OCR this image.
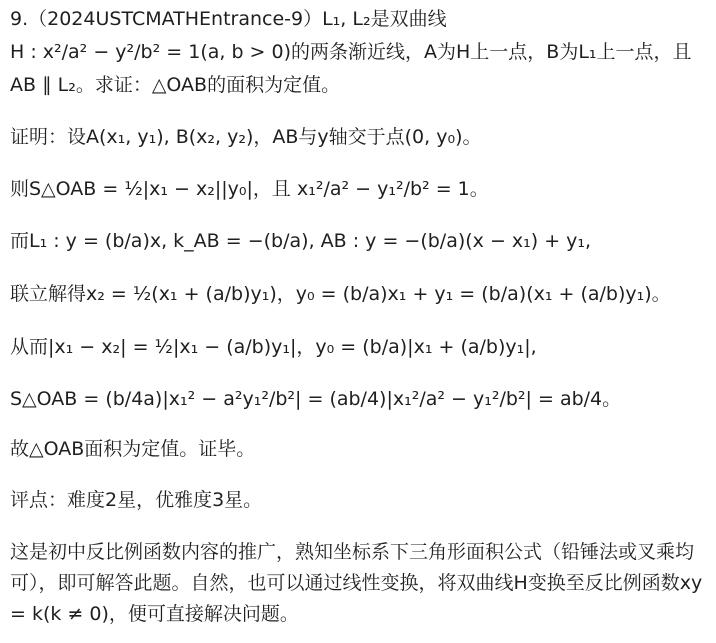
9.（2024USTCMATHEntrance-9）L₁, L₂是双曲线
H : x²/a² − y²/b² = 1(a, b > 0)的两条渐近线，A为H上一点，B为L₁上一点，且
AB ∥ L₂。求证：△OAB的面积为定值。
证明：设A(x₁, y₁), B(x₂, y₂)，AB与y轴交于点(0, y₀)。
则S△OAB = ½|x₁ − x₂||y₀|，且 x₁²/a² − y₁²/b² = 1。
而L₁ : y = (b/a)x, k_AB = −(b/a), AB : y = −(b/a)(x − x₁) + y₁,
联立解得x₂ = ½(x₁ + (a/b)y₁)，y₀ = (b/a)x₁ + y₁ = (b/a)(x₁ + (a/b)y₁)。
从而|x₁ − x₂| = ½|x₁ − (a/b)y₁|，y₀ = (b/a)|x₁ + (a/b)y₁|,
S△OAB = (b/4a)|x₁² − a²y₁²/b²| = (ab/4)|x₁²/a² − y₁²/b²| = ab/4。
故△OAB面积为定值。证毕。
评点：难度2星，优雅度3星。
这是初中反比例函数内容的推广，熟知坐标系下三角形面积公式（铅锤法或叉乘均可），即可解答此题。自然，也可以通过线性变换，将双曲线H变换至反比例函数xy = k(k ≠ 0)，便可直接解决问题。
